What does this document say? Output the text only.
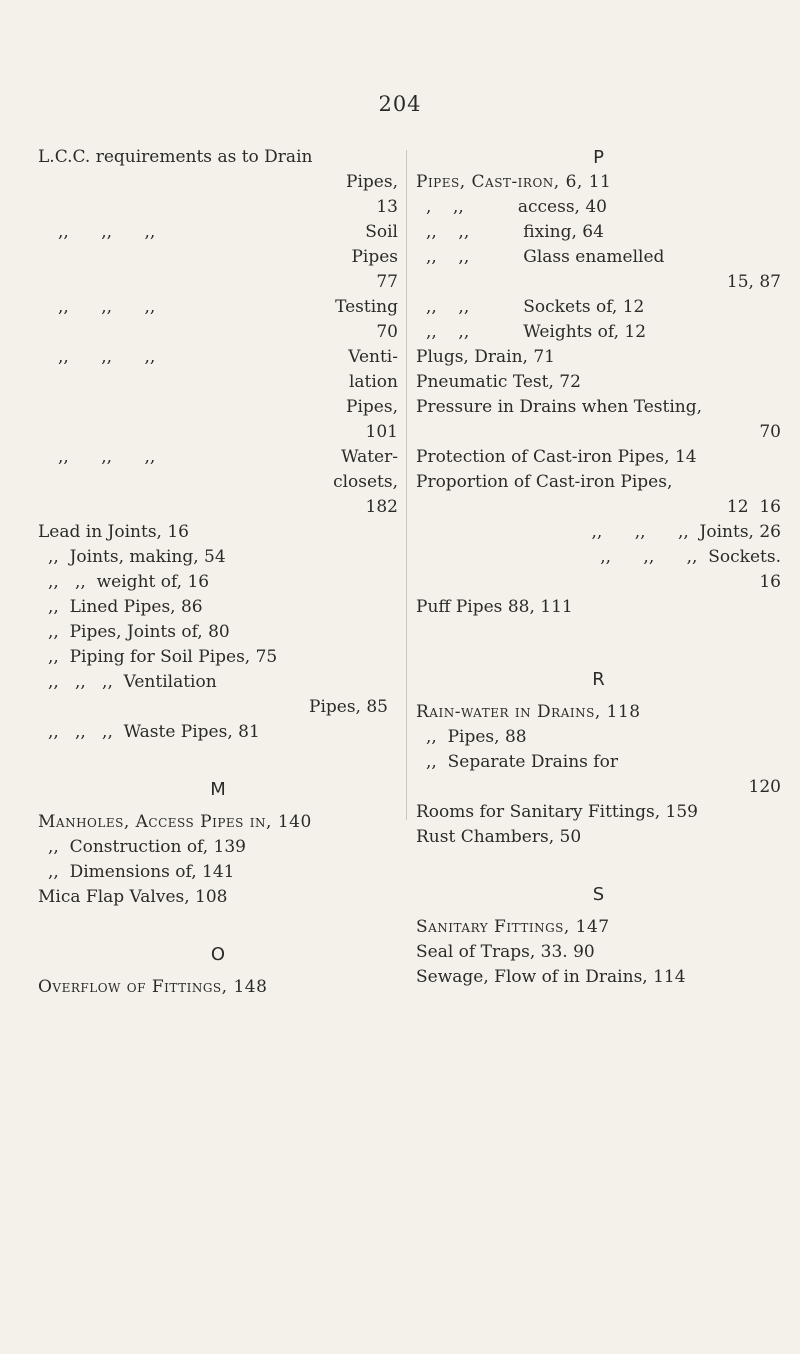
204
L.C.C. requirements as to Drain
Pipes,
13
,,      ,,      ,,	Soil
Pipes
77
,,      ,,      ,,	Testing
70
,,      ,,      ,,	Venti-
lation
Pipes,
101
,,      ,,      ,,	Water-
closets,
182
Lead in Joints, 16
,,  Joints, making, 54
,,   ,,  weight of, 16
,,  Lined Pipes, 86
,,  Pipes, Joints of, 80
,,  Piping for Soil Pipes, 75
,,   ,,   ,,  Ventilation
Pipes, 85
,,   ,,   ,,  Waste Pipes, 81
M
Manholes, Access Pipes in, 140
,,  Construction of, 139
,,  Dimensions of, 141
Mica Flap Valves, 108
O
Overflow of Fittings, 148
P
Pipes, Cast-iron, 6, 11
,    ,,          access, 40
,,    ,,          fixing, 64
,,    ,,          Glass enamelled
15, 87
,,    ,,          Sockets of, 12
,,    ,,          Weights of, 12
Plugs, Drain, 71
Pneumatic Test, 72
Pressure in Drains when Testing,
70
Protection of Cast-iron Pipes, 14
Proportion of Cast-iron Pipes,
12  16
,,      ,,      ,,  Joints, 26
,,      ,,      ,,  Sockets.
16
Puff Pipes 88, 111
R
Rain-water in Drains, 118
,,  Pipes, 88
,,  Separate Drains for
120
Rooms for Sanitary Fittings, 159
Rust Chambers, 50
S
Sanitary Fittings, 147
Seal of Traps, 33. 90
Sewage, Flow of in Drains, 114
